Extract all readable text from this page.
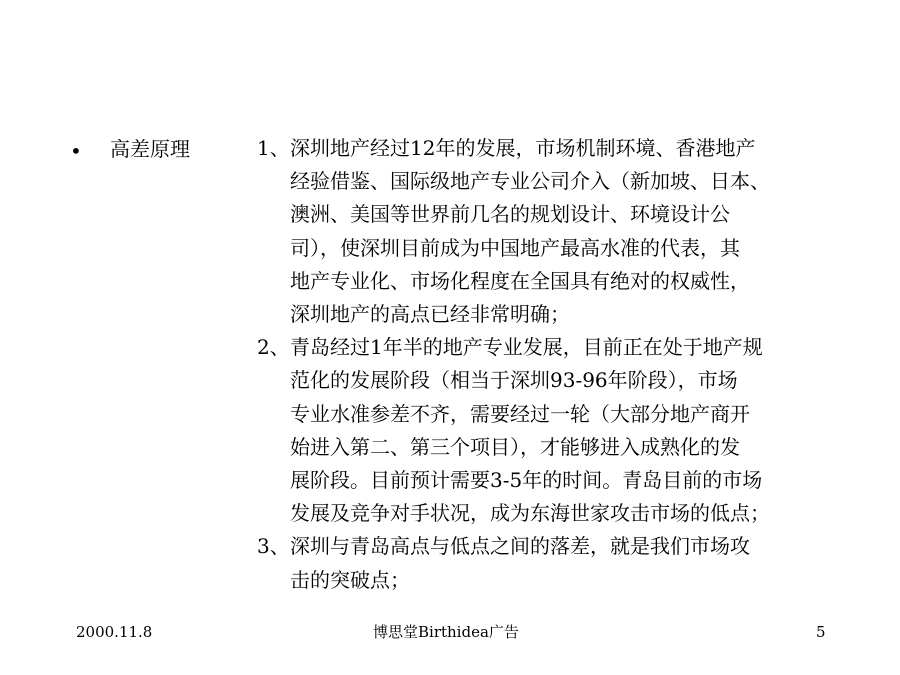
• 高差原理	1、深圳地产经过12年的发展，市场机制环境、香港地产
经验借鉴、国际级地产专业公司介入（新加坡、日本、
澳洲、美国等世界前几名的规划设计、环境设计公
司），使深圳目前成为中国地产最高水准的代表，其
地产专业化、市场化程度在全国具有绝对的权威性，
深圳地产的高点已经非常明确；
2、青岛经过1年半的地产专业发展，目前正在处于地产规
范化的发展阶段（相当于深圳93-96年阶段），市场
专业水准参差不齐，需要经过一轮（大部分地产商开
始进入第二、第三个项目），才能够进入成熟化的发
展阶段。目前预计需要3-5年的时间。青岛目前的市场
发展及竞争对手状况，成为东海世家攻击市场的低点；
3、深圳与青岛高点与低点之间的落差，就是我们市场攻
击的突破点；
2000.11.8	博思堂Birthidea广告	5
